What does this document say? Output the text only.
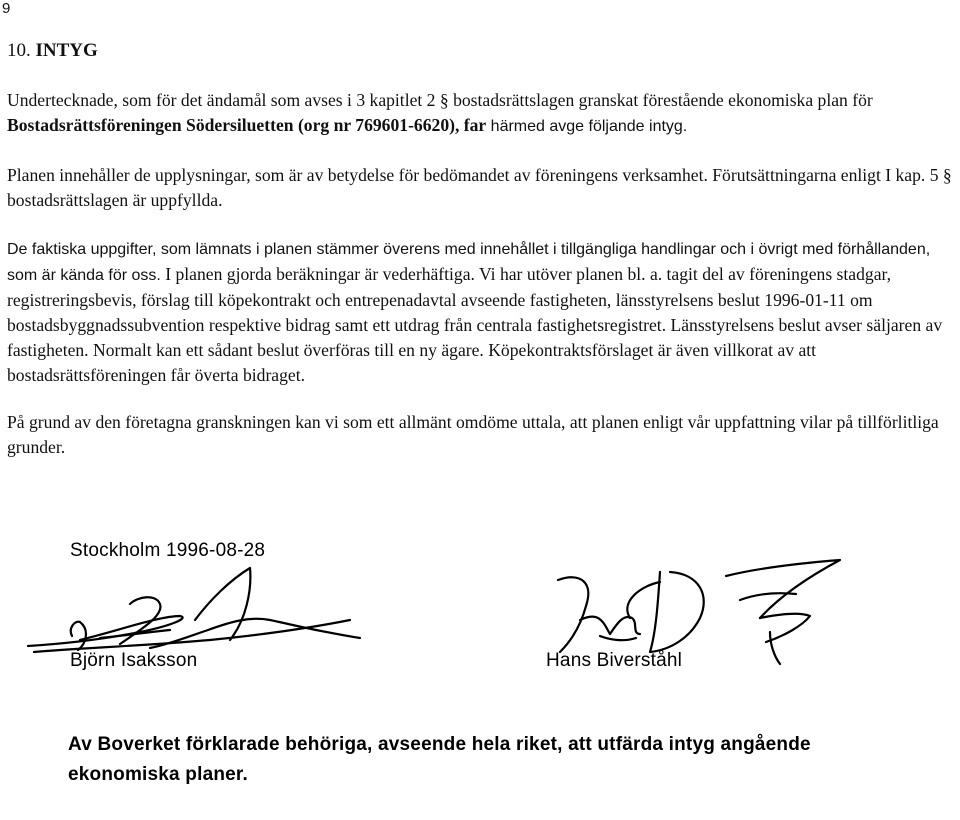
9
10. INTYG

Undertecknade, som för det ändamål som avses i 3 kapitlet 2 § bostadsrättslagen granskat förestående ekonomiska plan för Bostadsrättsföreningen Södersiluetten (org nr 769601-6620), far härmed avge följande intyg.

Planen innehåller de upplysningar, som är av betydelse för bedömandet av föreningens verksamhet. Förutsättningarna enligt I kap. 5 § bostadsrättslagen är uppfyllda.

De faktiska uppgifter, som lämnats i planen stämmer överens med innehållet i tillgängliga handlingar och i övrigt med förhållanden, som är kända för oss. I planen gjorda beräkningar är vederhäftiga. Vi har utöver planen bl. a. tagit del av föreningens stadgar, registreringsbevis, förslag till köpekontrakt och entrepenadavtal avseende fastigheten, länsstyrelsens beslut 1996-01-11 om bostadsbyggnadssubvention respektive bidrag samt ett utdrag från centrala fastighetsregistret. Länsstyrelsens beslut avser säljaren av fastigheten. Normalt kan ett sådant beslut överföras till en ny ägare. Köpekontraktsförslaget är även villkorat av att bostadsrättsföreningen får överta bidraget.

På grund av den företagna granskningen kan vi som ett allmänt omdöme uttala, att planen enligt vår uppfattning vilar på tillförlitliga grunder.

Stockholm 1996-08-28
Björn Isaksson	Hans Biverståhl
Av Boverket förklarade behöriga, avseende hela riket, att utfärda intyg angående ekonomiska planer.
